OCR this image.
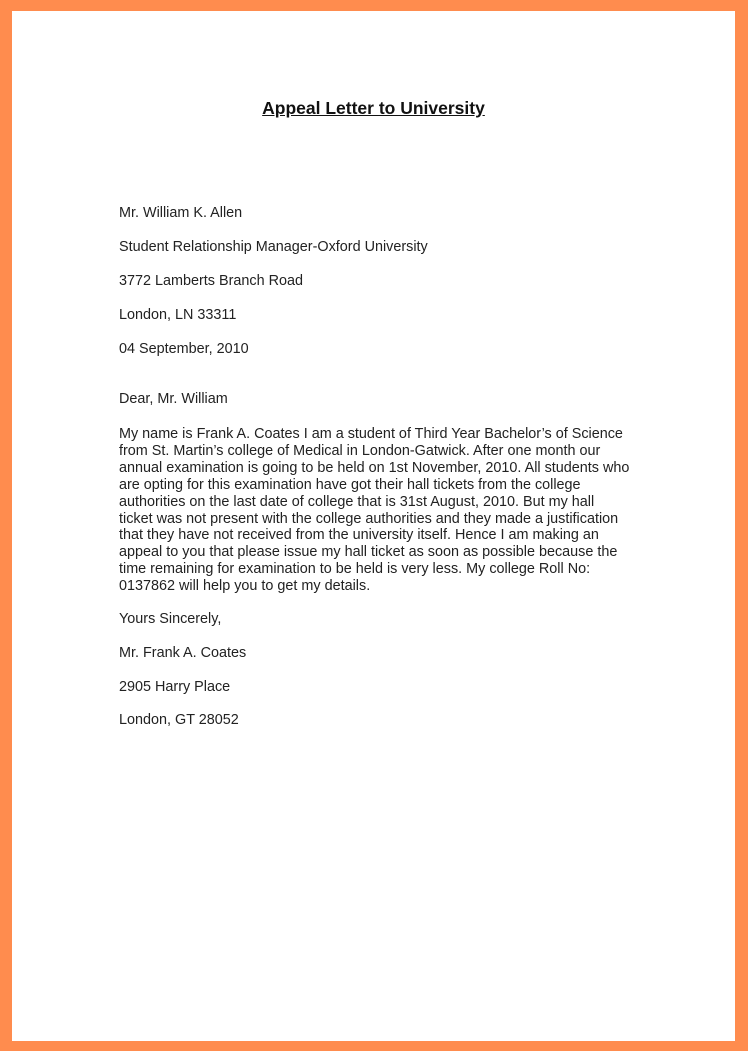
Appeal Letter to University
Mr. William K. Allen
Student Relationship Manager-Oxford University
3772 Lamberts Branch Road
London, LN 33311
04 September, 2010
Dear, Mr. William
My name is Frank A. Coates I am a student of Third Year Bachelor’s of Science from St. Martin’s college of Medical in London-Gatwick. After one month our annual examination is going to be held on 1st November, 2010. All students who are opting for this examination have got their hall tickets from the college authorities on the last date of college that is 31st August, 2010. But my hall ticket was not present with the college authorities and they made a justification that they have not received from the university itself. Hence I am making an appeal to you that please issue my hall ticket as soon as possible because the time remaining for examination to be held is very less. My college Roll No: 0137862 will help you to get my details.
Yours Sincerely,
Mr. Frank A. Coates
2905 Harry Place
London, GT 28052
